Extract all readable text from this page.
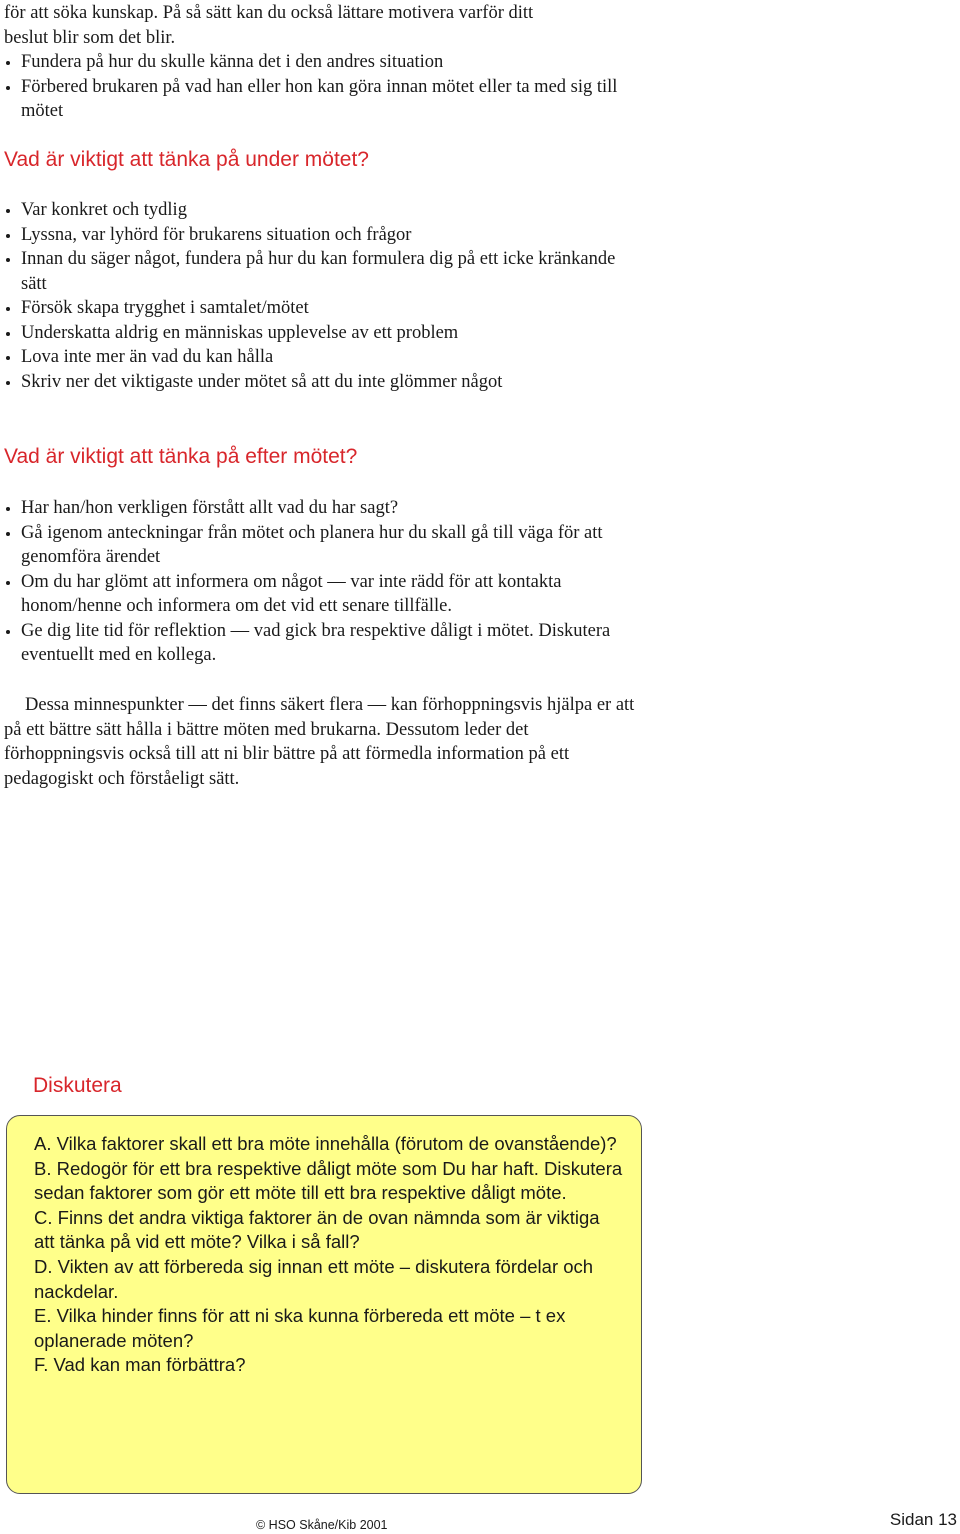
för att söka kunskap. På så sätt kan du också lättare motivera varför ditt

beslut blir som det blir.

Fundera på hur du skulle känna det i den andres situation
Förbered brukaren på vad han eller hon kan göra innan mötet eller ta med sig till mötet
Vad är viktigt att tänka på under mötet?
Var konkret och tydlig
Lyssna, var lyhörd för brukarens situation och frågor
Innan du säger något, fundera på hur du kan formulera dig på ett icke kränkande sätt
Försök skapa trygghet i samtalet/mötet
Underskatta aldrig en människas upplevelse av ett problem
Lova inte mer än vad du kan hålla
Skriv ner det viktigaste under mötet så att du inte glömmer något
Vad är viktigt att tänka på efter mötet?
Har han/hon verkligen förstått allt vad du har sagt?
Gå igenom anteckningar från mötet och planera hur du skall gå till väga för att genomföra ärendet
Om du har glömt att informera om något — var inte rädd för att kontakta honom/henne och informera om det vid ett senare tillfälle.
Ge dig lite tid för reflektion — vad gick bra respektive dåligt i mötet. Diskutera eventuellt med en kollega.

Dessa minnespunkter — det finns säkert flera — kan förhoppningsvis hjälpa er att på ett bättre sätt hålla i bättre möten med brukarna. Dessutom leder det förhoppningsvis också till att ni blir bättre på att förmedla information på ett pedagogiskt och förståeligt sätt.

Diskutera
A. Vilka faktorer skall ett bra möte innehålla (förutom de ovanstående)?
B. Redogör för ett bra respektive dåligt möte som Du har haft. Diskutera sedan faktorer som gör ett möte till ett bra respektive dåligt möte.
C. Finns det andra viktiga faktorer än de ovan nämnda som är viktiga att tänka på vid ett möte? Vilka i så fall?
D. Vikten av att förbereda sig innan ett möte – diskutera fördelar och nackdelar.
E. Vilka hinder finns för att ni ska kunna förbereda ett möte – t ex oplanerade möten?
F. Vad kan man förbättra?
© HSO Skåne/Kib 2001	Sidan 13
